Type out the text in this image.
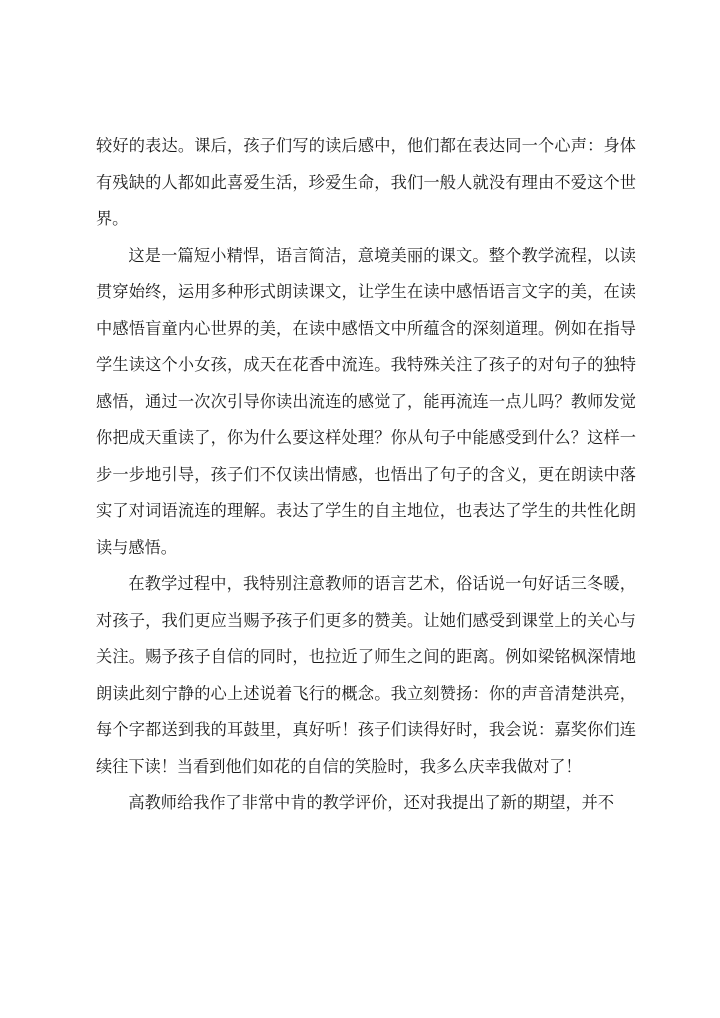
较好的表达。课后，孩子们写的读后感中，他们都在表达同一个心声：身体有残缺的人都如此喜爱生活，珍爱生命，我们一般人就没有理由不爱这个世界。

这是一篇短小精悍，语言简洁，意境美丽的课文。整个教学流程，以读贯穿始终，运用多种形式朗读课文，让学生在读中感悟语言文字的美，在读中感悟盲童内心世界的美，在读中感悟文中所蕴含的深刻道理。例如在指导学生读这个小女孩，成天在花香中流连。我特殊关注了孩子的对句子的独特感悟，通过一次次引导你读出流连的感觉了，能再流连一点儿吗？教师发觉你把成天重读了，你为什么要这样处理？你从句子中能感受到什么？这样一步一步地引导，孩子们不仅读出情感，也悟出了句子的含义，更在朗读中落实了对词语流连的理解。表达了学生的自主地位，也表达了学生的共性化朗读与感悟。

在教学过程中，我特别注意教师的语言艺术，俗话说一句好话三冬暖，对孩子，我们更应当赐予孩子们更多的赞美。让她们感受到课堂上的关心与关注。赐予孩子自信的同时，也拉近了师生之间的距离。例如梁铭枫深情地朗读此刻宁静的心上述说着飞行的概念。我立刻赞扬：你的声音清楚洪亮，每个字都送到我的耳鼓里，真好听！孩子们读得好时，我会说：嘉奖你们连续往下读！当看到他们如花的自信的笑脸时，我多么庆幸我做对了！

高教师给我作了非常中肯的教学评价，还对我提出了新的期望，并不
